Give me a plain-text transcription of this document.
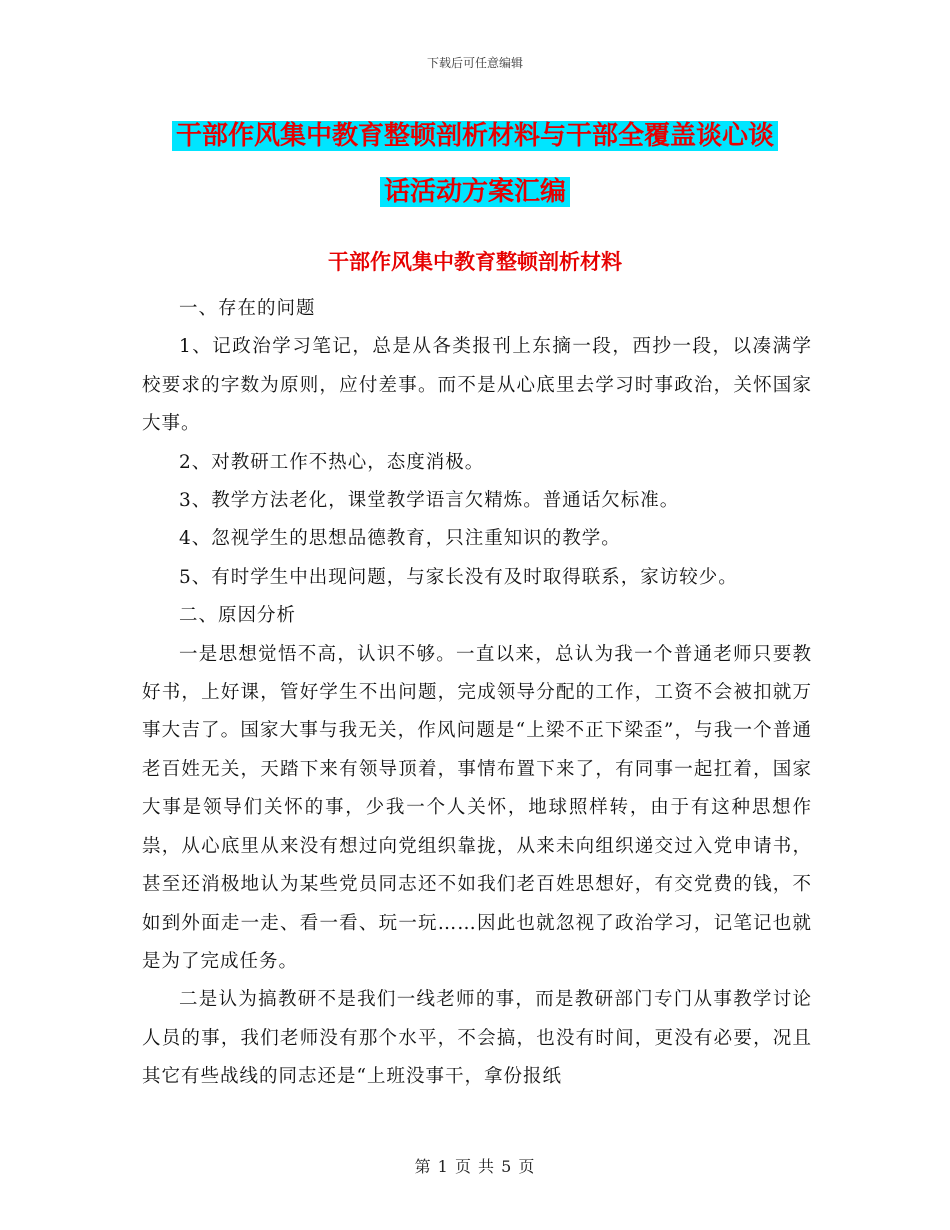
下载后可任意编辑

干部作风集中教育整顿剖析材料与干部全覆盖谈心谈
话活动方案汇编
干部作风集中教育整顿剖析材料

一、存在的问题

1、记政治学习笔记，总是从各类报刊上东摘一段，西抄一段，以凑满学校要求的字数为原则，应付差事。而不是从心底里去学习时事政治，关怀国家大事。

2、对教研工作不热心，态度消极。

3、教学方法老化，课堂教学语言欠精炼。普通话欠标准。

4、忽视学生的思想品德教育，只注重知识的教学。

5、有时学生中出现问题，与家长没有及时取得联系，家访较少。

二、原因分析

一是思想觉悟不高，认识不够。一直以来，总认为我一个普通老师只要教好书，上好课，管好学生不出问题，完成领导分配的工作，工资不会被扣就万事大吉了。国家大事与我无关，作风问题是“上梁不正下梁歪”，与我一个普通老百姓无关，天踏下来有领导顶着，事情布置下来了，有同事一起扛着，国家大事是领导们关怀的事，少我一个人关怀，地球照样转，由于有这种思想作祟，从心底里从来没有想过向党组织靠拢，从来未向组织递交过入党申请书，甚至还消极地认为某些党员同志还不如我们老百姓思想好，有交党费的钱，不如到外面走一走、看一看、玩一玩……因此也就忽视了政治学习，记笔记也就是为了完成任务。

二是认为搞教研不是我们一线老师的事，而是教研部门专门从事教学讨论人员的事，我们老师没有那个水平，不会搞，也没有时间，更没有必要，况且其它有些战线的同志还是“上班没事干，拿份报纸

第 1 页 共 5 页
